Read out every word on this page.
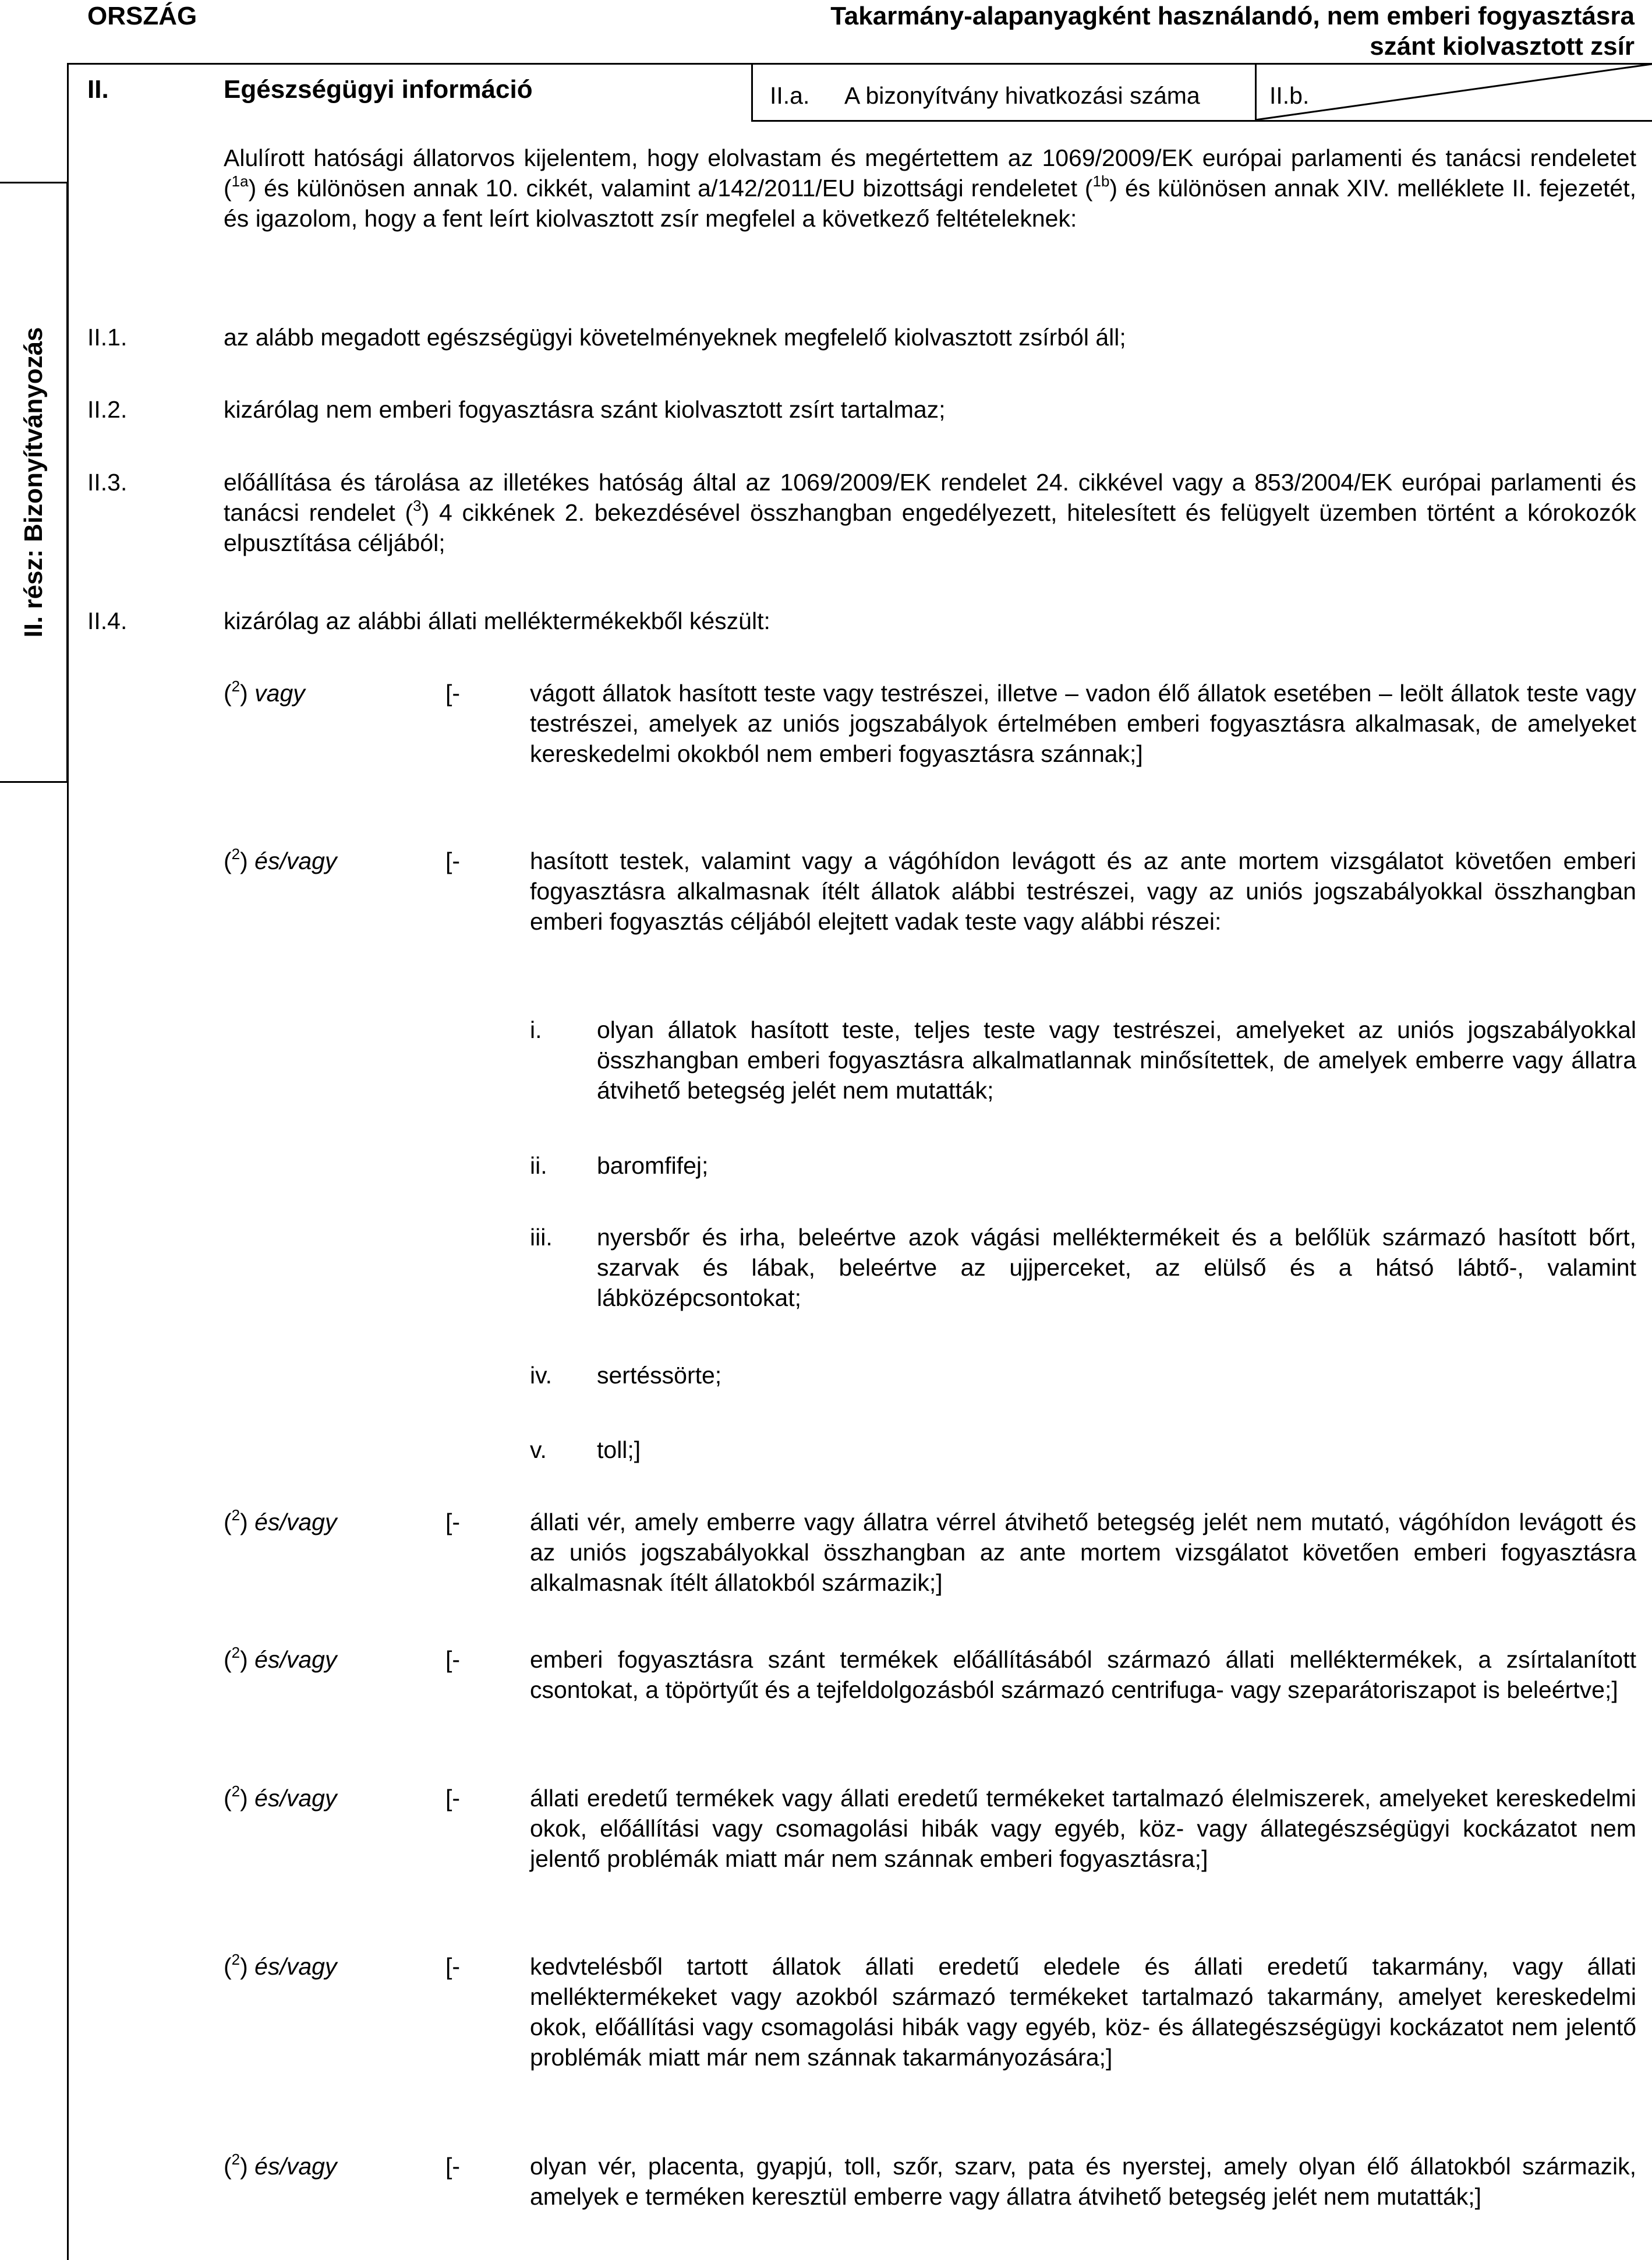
ORSZÁG	Takarmány-alapanyagként használandó, nem emberi fogyasztásra szánt kiolvasztott zsír
II.	Egészségügyi információ	II.a. A bizonyítvány hivatkozási száma	II.b.
II. rész: Bizonyítványozás
Alulírott hatósági állatorvos kijelentem, hogy elolvastam és megértettem az 1069/2009/EK európai parlamenti és tanácsi rendeletet ($^{1a}$) és különösen annak 10. cikkét, valamint a/142/2011/EU bizottsági rendeletet ($^{1b}$) és különösen annak XIV. melléklete II. fejezetét, és igazolom, hogy a fent leírt kiolvasztott zsír megfelel a következő feltételeknek:
II.1.	az alább megadott egészségügyi követelményeknek megfelelő kiolvasztott zsírból áll;
II.2.	kizárólag nem emberi fogyasztásra szánt kiolvasztott zsírt tartalmaz;
II.3.	előállítása és tárolása az illetékes hatóság által az 1069/2009/EK rendelet 24. cikkével vagy a 853/2004/EK európai parlamenti és tanácsi rendelet ($^3$) 4 cikkének 2. bekezdésével összhangban engedélyezett, hitelesített és felügyelt üzemben történt a kórokozók elpusztítása céljából;
II.4.	kizárólag az alábbi állati melléktermékekből készült:
($^2$) vagy	[-	vágott állatok hasított teste vagy testrészei, illetve – vadon élő állatok esetében – leölt állatok teste vagy testrészei, amelyek az uniós jogszabályok értelmében emberi fogyasztásra alkalmasak, de amelyeket kereskedelmi okokból nem emberi fogyasztásra szánnak;]
($^2$) és/vagy	[-	hasított testek, valamint vagy a vágóhídon levágott és az ante mortem vizsgálatot követően emberi fogyasztásra alkalmasnak ítélt állatok alábbi testrészei, vagy az uniós jogszabályokkal összhangban emberi fogyasztás céljából elejtett vadak teste vagy alábbi részei:
i. olyan állatok hasított teste, teljes teste vagy testrészei, amelyeket az uniós jogszabályokkal összhangban emberi fogyasztásra alkalmatlannak minősítettek, de amelyek emberre vagy állatra átvihető betegség jelét nem mutatták;
ii. baromfifej;
iii. nyersbőr és irha, beleértve azok vágási melléktermékeit és a belőlük származó hasított bőrt, szarvak és lábak, beleértve az ujjperceket, az elülső és a hátsó lábtő-, valamint lábközépcsontokat;
iv. sertéssörte;
v. toll;]
($^2$) és/vagy	[-	állati vér, amely emberre vagy állatra vérrel átvihető betegség jelét nem mutató, vágóhídon levágott és az uniós jogszabályokkal összhangban az ante mortem vizsgálatot követően emberi fogyasztásra alkalmasnak ítélt állatokból származik;]
($^2$) és/vagy	[-	emberi fogyasztásra szánt termékek előállításából származó állati melléktermékek, a zsírtalanított csontokat, a töpörtyűt és a tejfeldolgozásból származó centrifuga- vagy szeparátoriszapot is beleértve;]
($^2$) és/vagy	[-	állati eredetű termékek vagy állati eredetű termékeket tartalmazó élelmiszerek, amelyeket kereskedelmi okok, előállítási vagy csomagolási hibák vagy egyéb, köz- vagy állategészségügyi kockázatot nem jelentő problémák miatt már nem szánnak emberi fogyasztásra;]
($^2$) és/vagy	[-	kedvtelésből tartott állatok állati eredetű eledele és állati eredetű takarmány, vagy állati melléktermékeket vagy azokból származó termékeket tartalmazó takarmány, amelyet kereskedelmi okok, előállítási vagy csomagolási hibák vagy egyéb, köz- és állategészségügyi kockázatot nem jelentő problémák miatt már nem szánnak takarmányozására;]
($^2$) és/vagy	[-	olyan vér, placenta, gyapjú, toll, szőr, szarv, pata és nyerstej, amely olyan élő állatokból származik, amelyek e terméken keresztül emberre vagy állatra átvihető betegség jelét nem mutatták;]
